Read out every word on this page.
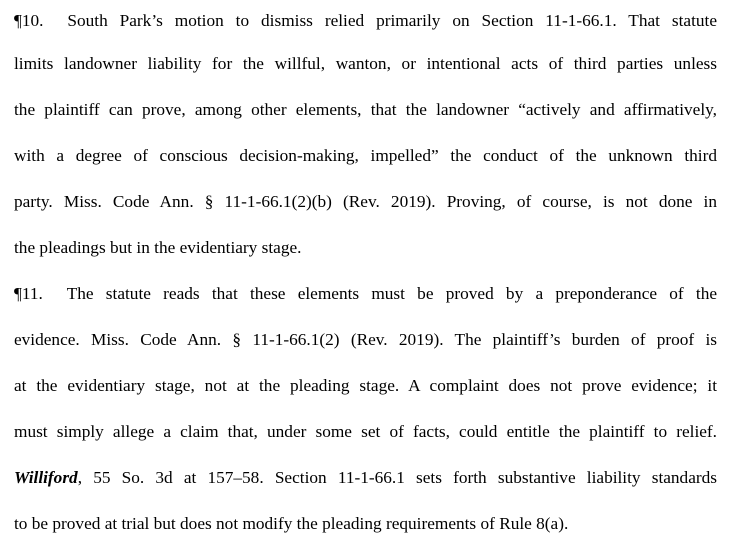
¶10. South Park’s motion to dismiss relied primarily on Section 11-1-66.1. That statute
limits landowner liability for the willful, wanton, or intentional acts of third parties unless
the plaintiff can prove, among other elements, that the landowner “actively and affirmatively,
with a degree of conscious decision-making, impelled” the conduct of the unknown third
party. Miss. Code Ann. § 11-1-66.1(2)(b) (Rev. 2019). Proving, of course, is not done in
the pleadings but in the evidentiary stage.
¶11. The statute reads that these elements must be proved by a preponderance of the
evidence. Miss. Code Ann. § 11-1-66.1(2) (Rev. 2019). The plaintiff’s burden of proof is
at the evidentiary stage, not at the pleading stage. A complaint does not prove evidence; it
must simply allege a claim that, under some set of facts, could entitle the plaintiff to relief.
Williford, 55 So. 3d at 157–58. Section 11-1-66.1 sets forth substantive liability standards
to be proved at trial but does not modify the pleading requirements of Rule 8(a).
